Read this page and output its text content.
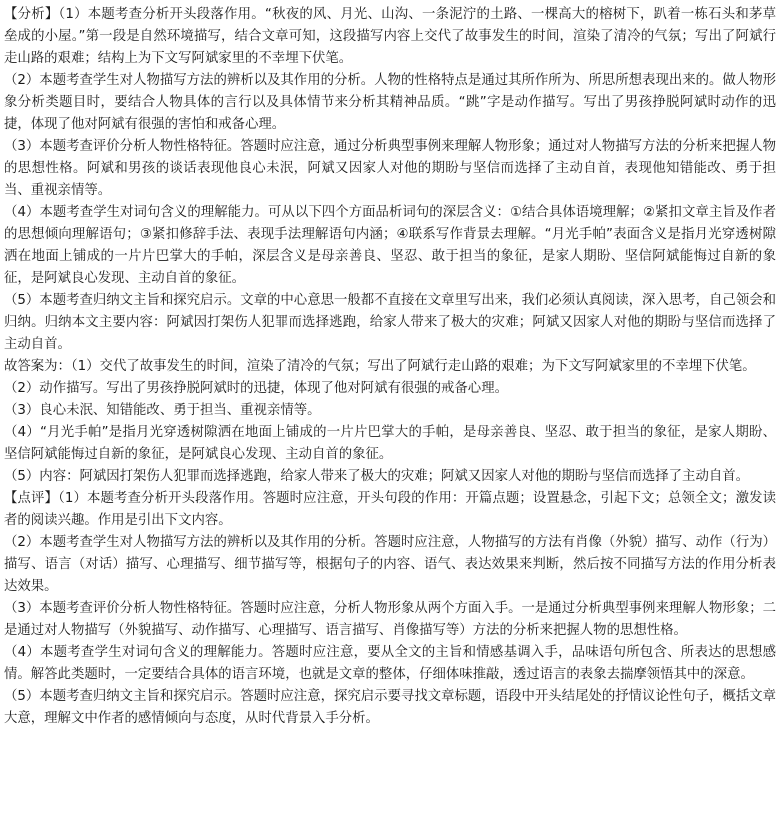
【分析】（1）本题考查分析开头段落作用。“秋夜的风、月光、山沟、一条泥泞的土路、一棵高大的榕树下，趴着一栋石头和茅草垒成的小屋。”第一段是自然环境描写，结合文章可知，这段描写内容上交代了故事发生的时间，渲染了清冷的气氛；写出了阿斌行走山路的艰难；结构上为下文写阿斌家里的不幸埋下伏笔。

（2）本题考查学生对人物描写方法的辨析以及其作用的分析。人物的性格特点是通过其所作所为、所思所想表现出来的。做人物形象分析类题目时，要结合人物具体的言行以及具体情节来分析其精神品质。“跳”字是动作描写。写出了男孩挣脱阿斌时动作的迅捷，体现了他对阿斌有很强的害怕和戒备心理。

（3）本题考查评价分析人物性格特征。答题时应注意，通过分析典型事例来理解人物形象；通过对人物描写方法的分析来把握人物的思想性格。阿斌和男孩的谈话表现他良心未泯，阿斌又因家人对他的期盼与坚信而选择了主动自首，表现他知错能改、勇于担当、重视亲情等。

（4）本题考查学生对词句含义的理解能力。可从以下四个方面品析词句的深层含义：①结合具体语境理解；②紧扣文章主旨及作者的思想倾向理解语句；③紧扣修辞手法、表现手法理解语句内涵；④联系写作背景去理解。“月光手帕”表面含义是指月光穿透树隙洒在地面上铺成的一片片巴掌大的手帕，深层含义是母亲善良、坚忍、敢于担当的象征，是家人期盼、坚信阿斌能悔过自新的象征，是阿斌良心发现、主动自首的象征。

（5）本题考查归纳文主旨和探究启示。文章的中心意思一般都不直接在文章里写出来，我们必须认真阅读，深入思考，自己领会和归纳。归纳本文主要内容：阿斌因打架伤人犯罪而选择逃跑，给家人带来了极大的灾难；阿斌又因家人对他的期盼与坚信而选择了主动自首。

故答案为：（1）交代了故事发生的时间，渲染了清冷的气氛；写出了阿斌行走山路的艰难；为下文写阿斌家里的不幸埋下伏笔。

（2）动作描写。写出了男孩挣脱阿斌时的迅捷，体现了他对阿斌有很强的戒备心理。

（3）良心未泯、知错能改、勇于担当、重视亲情等。

（4）“月光手帕”是指月光穿透树隙洒在地面上铺成的一片片巴掌大的手帕，是母亲善良、坚忍、敢于担当的象征，是家人期盼、坚信阿斌能悔过自新的象征，是阿斌良心发现、主动自首的象征。

（5）内容：阿斌因打架伤人犯罪而选择逃跑，给家人带来了极大的灾难；阿斌又因家人对他的期盼与坚信而选择了主动自首。

【点评】（1）本题考查分析开头段落作用。答题时应注意，开头句段的作用：开篇点题；设置悬念，引起下文；总领全文；激发读者的阅读兴趣。作用是引出下文内容。

（2）本题考查学生对人物描写方法的辨析以及其作用的分析。答题时应注意，人物描写的方法有肖像（外貌）描写、动作（行为）描写、语言（对话）描写、心理描写、细节描写等，根据句子的内容、语气、表达效果来判断，然后按不同描写方法的作用分析表达效果。

（3）本题考查评价分析人物性格特征。答题时应注意，分析人物形象从两个方面入手。一是通过分析典型事例来理解人物形象；二是通过对人物描写（外貌描写、动作描写、心理描写、语言描写、肖像描写等）方法的分析来把握人物的思想性格。

（4）本题考查学生对词句含义的理解能力。答题时应注意，要从全文的主旨和情感基调入手，品味语句所包含、所表达的思想感情。解答此类题时，一定要结合具体的语言环境，也就是文章的整体，仔细体味推敲，透过语言的表象去揣摩领悟其中的深意。

（5）本题考查归纳文主旨和探究启示。答题时应注意，探究启示要寻找文章标题，语段中开头结尾处的抒情议论性句子，概括文章大意，理解文中作者的感情倾向与态度，从时代背景入手分析。
